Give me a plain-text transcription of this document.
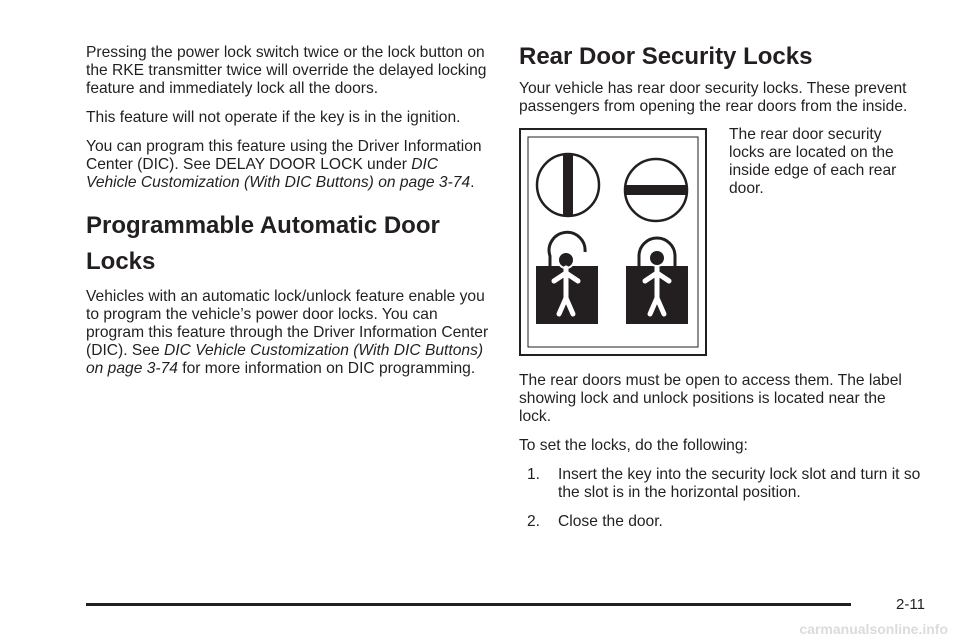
Pressing the power lock switch twice or the lock button on the RKE transmitter twice will override the delayed locking feature and immediately lock all the doors.

This feature will not operate if the key is in the ignition.

You can program this feature using the Driver Information Center (DIC). See DELAY DOOR LOCK under DIC Vehicle Customization (With DIC Buttons) on page 3-74.

Programmable Automatic Door Locks

Vehicles with an automatic lock/unlock feature enable you to program the vehicle’s power door locks. You can program this feature through the Driver Information Center (DIC). See DIC Vehicle Customization (With DIC Buttons) on page 3-74 for more information on DIC programming.

Rear Door Security Locks

Your vehicle has rear door security locks. These prevent passengers from opening the rear doors from the inside.

The rear door security locks are located on the inside edge of each rear door.

The rear doors must be open to access them. The label showing lock and unlock positions is located near the lock.

To set the locks, do the following:

1. Insert the key into the security lock slot and turn it so the slot is in the horizontal position.
2. Close the door.
2-11
carmanualsonline.info
